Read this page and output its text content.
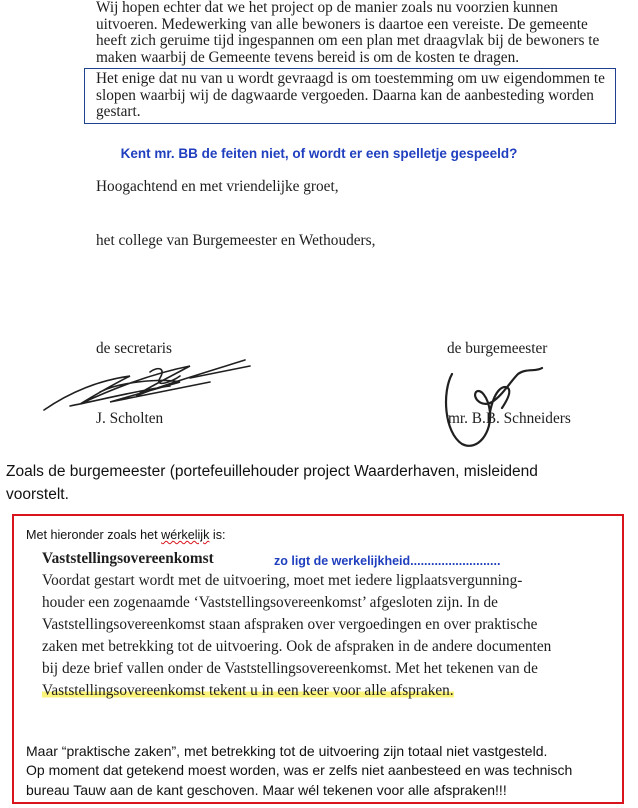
Wij hopen echter dat we het project op de manier zoals nu voorzien kunnen

uitvoeren. Medewerking van alle bewoners is daartoe een vereiste. De gemeente

heeft zich geruime tijd ingespannen om een plan met draagvlak bij de bewoners te

maken waarbij de Gemeente tevens bereid is om de kosten te dragen.

Het enige dat nu van u wordt gevraagd is om toestemming om uw eigendommen te
slopen waarbij wij de dagwaarde vergoeden. Daarna kan de aanbesteding worden
gestart.
Kent mr. BB de feiten niet, of wordt er een spelletje gespeeld?
Hoogachtend en met vriendelijke groet,
het college van Burgemeester en Wethouders,
de secretaris	de burgemeester
J. Scholten	mr. B.B. Schneiders
Zoals de burgemeester (portefeuillehouder project Waarderhaven, misleidend
voorstelt.
Met hieronder zoals het wérkelijk is:
Vaststellingsovereenkomst	zo ligt de werkelijkheid..........................
Voordat gestart wordt met de uitvoering, moet met iedere ligplaatsvergunning-
houder een zogenaamde ‘Vaststellingsovereenkomst’ afgesloten zijn. In de
Vaststellingsovereenkomst staan afspraken over vergoedingen en over praktische
zaken met betrekking tot de uitvoering. Ook de afspraken in de andere documenten
bij deze brief vallen onder de Vaststellingsovereenkomst. Met het tekenen van de
Vaststellingsovereenkomst tekent u in een keer voor alle afspraken.
Maar “praktische zaken”, met betrekking tot de uitvoering zijn totaal niet vastgesteld.
Op moment dat getekend moest worden, was er zelfs niet aanbesteed en was technisch
bureau Tauw aan de kant geschoven. Maar wél tekenen voor alle afspraken!!!
